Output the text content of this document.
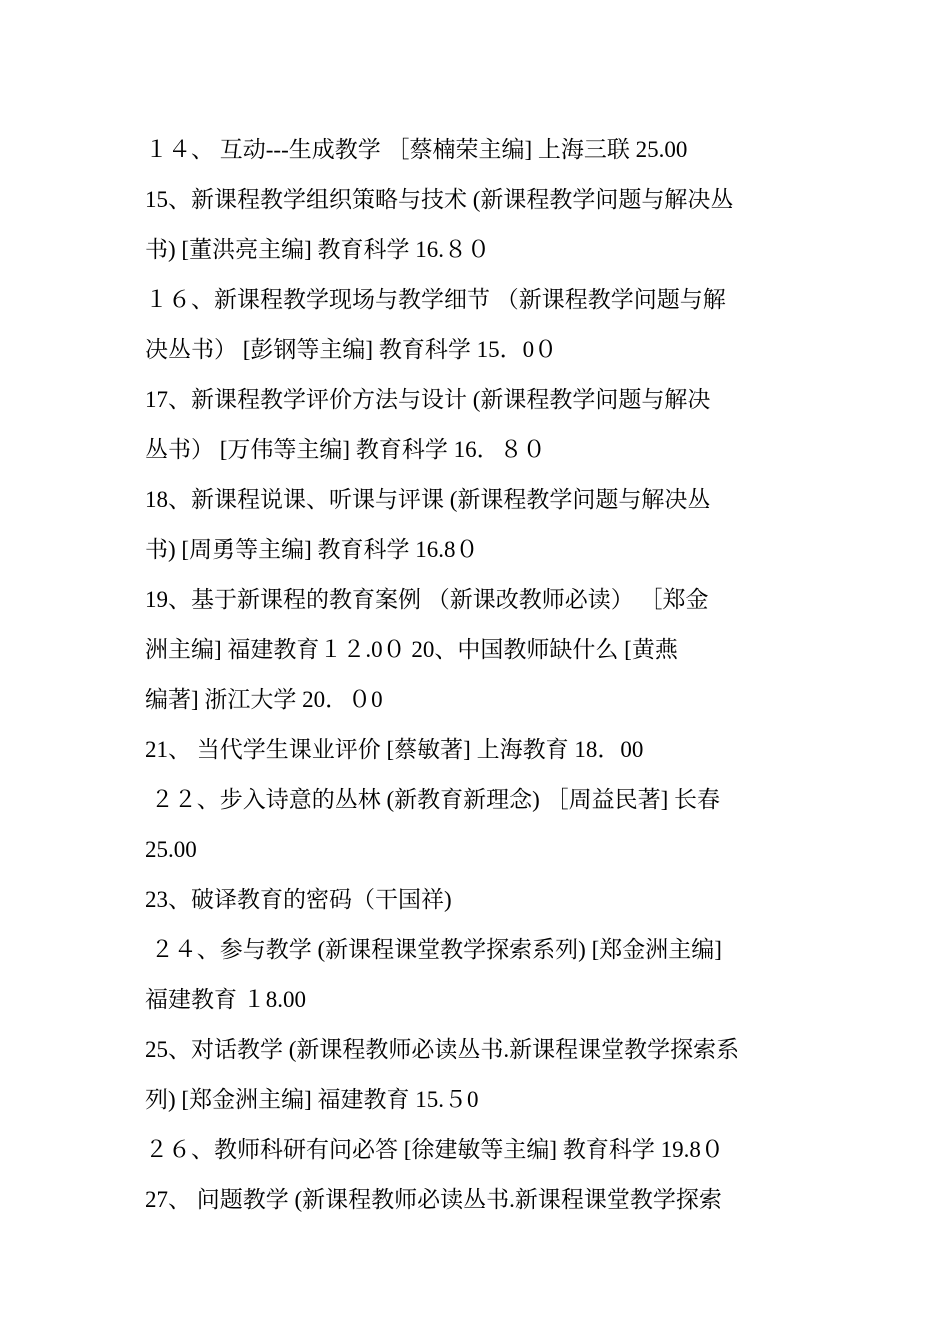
１４、 互动---生成教学 ［蔡楠荣主编] 上海三联 25.00
15、新课程教学组织策略与技术 (新课程教学问题与解决丛
书) [董洪亮主编] 教育科学 16.８０
１６、新课程教学现场与教学细节 （新课程教学问题与解
决丛书） [彭钢等主编] 教育科学 15．0０
17、新课程教学评价方法与设计 (新课程教学问题与解决
丛书） [万伟等主编] 教育科学 16．８０
18、新课程说课、听课与评课 (新课程教学问题与解决丛
书) [周勇等主编] 教育科学 16.8０
19、基于新课程的教育案例 （新课改教师必读） ［郑金
洲主编] 福建教育１２.0０ 20、中国教师缺什么 [黄燕
编著] 浙江大学 20．０0
21、 当代学生课业评价 [蔡敏著] 上海教育 18．00
２２、步入诗意的丛林 (新教育新理念) ［周益民著] 长春
25.00
23、破译教育的密码（干国祥)
２４、参与教学 (新课程课堂教学探索系列) [郑金洲主编]
福建教育 １8.00
25、对话教学 (新课程教师必读丛书.新课程课堂教学探索系
列) [郑金洲主编] 福建教育 15.５0
２６、教师科研有问必答 [徐建敏等主编] 教育科学 19.8０
27、 问题教学 (新课程教师必读丛书.新课程课堂教学探索
